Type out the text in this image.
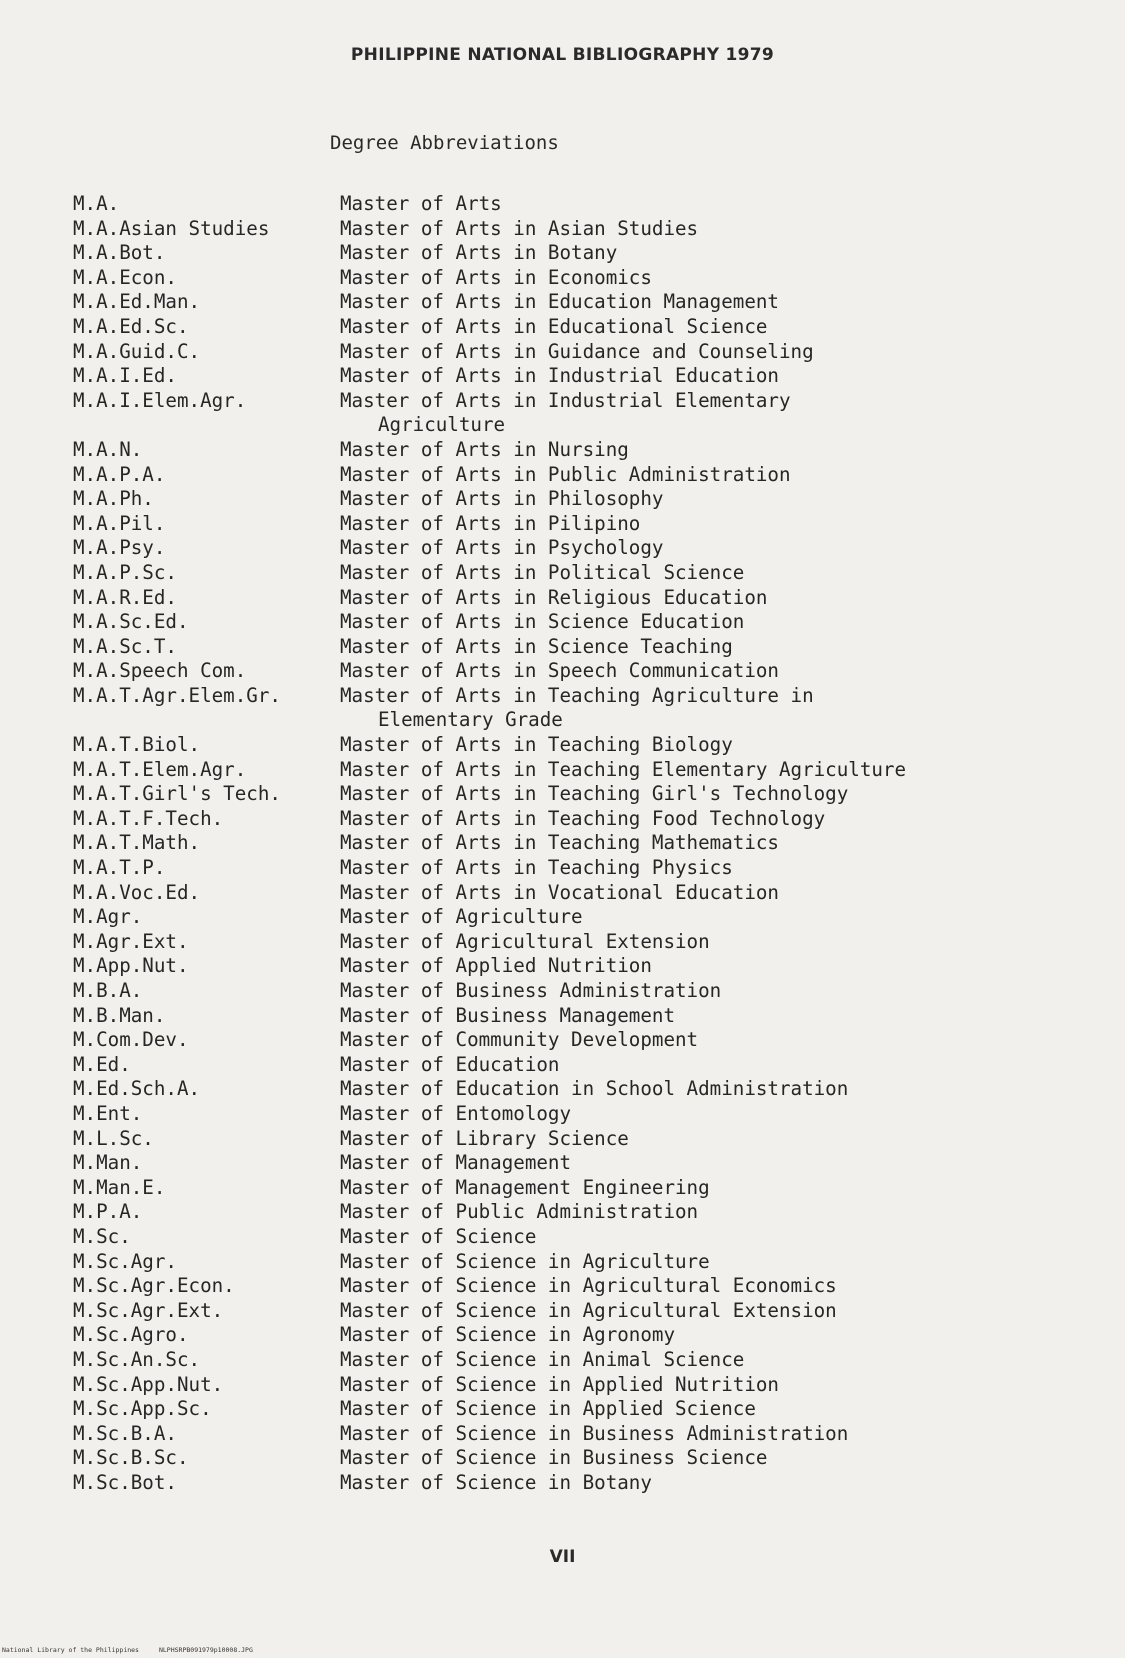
PHILIPPINE NATIONAL BIBLIOGRAPHY 1979
Degree Abbreviations
M.A.	Master of Arts
M.A.Asian Studies	Master of Arts in Asian Studies
M.A.Bot.	Master of Arts in Botany
M.A.Econ.	Master of Arts in Economics
M.A.Ed.Man.	Master of Arts in Education Management
M.A.Ed.Sc.	Master of Arts in Educational Science
M.A.Guid.C.	Master of Arts in Guidance and Counseling
M.A.I.Ed.	Master of Arts in Industrial Education
M.A.I.Elem.Agr.	Master of Arts in Industrial Elementary
Agriculture
M.A.N.	Master of Arts in Nursing
M.A.P.A.	Master of Arts in Public Administration
M.A.Ph.	Master of Arts in Philosophy
M.A.Pil.	Master of Arts in Pilipino
M.A.Psy.	Master of Arts in Psychology
M.A.P.Sc.	Master of Arts in Political Science
M.A.R.Ed.	Master of Arts in Religious Education
M.A.Sc.Ed.	Master of Arts in Science Education
M.A.Sc.T.	Master of Arts in Science Teaching
M.A.Speech Com.	Master of Arts in Speech Communication
M.A.T.Agr.Elem.Gr.	Master of Arts in Teaching Agriculture in
Elementary Grade
M.A.T.Biol.	Master of Arts in Teaching Biology
M.A.T.Elem.Agr.	Master of Arts in Teaching Elementary Agriculture
M.A.T.Girl's Tech.	Master of Arts in Teaching Girl's Technology
M.A.T.F.Tech.	Master of Arts in Teaching Food Technology
M.A.T.Math.	Master of Arts in Teaching Mathematics
M.A.T.P.	Master of Arts in Teaching Physics
M.A.Voc.Ed.	Master of Arts in Vocational Education
M.Agr.	Master of Agriculture
M.Agr.Ext.	Master of Agricultural Extension
M.App.Nut.	Master of Applied Nutrition
M.B.A.	Master of Business Administration
M.B.Man.	Master of Business Management
M.Com.Dev.	Master of Community Development
M.Ed.	Master of Education
M.Ed.Sch.A.	Master of Education in School Administration
M.Ent.	Master of Entomology
M.L.Sc.	Master of Library Science
M.Man.	Master of Management
M.Man.E.	Master of Management Engineering
M.P.A.	Master of Public Administration
M.Sc.	Master of Science
M.Sc.Agr.	Master of Science in Agriculture
M.Sc.Agr.Econ.	Master of Science in Agricultural Economics
M.Sc.Agr.Ext.	Master of Science in Agricultural Extension
M.Sc.Agro.	Master of Science in Agronomy
M.Sc.An.Sc.	Master of Science in Animal Science
M.Sc.App.Nut.	Master of Science in Applied Nutrition
M.Sc.App.Sc.	Master of Science in Applied Science
M.Sc.B.A.	Master of Science in Business Administration
M.Sc.B.Sc.	Master of Science in Business Science
M.Sc.Bot.	Master of Science in Botany
VII
National Library of the Philippines	NLPHSRPB091979p10008.JPG
